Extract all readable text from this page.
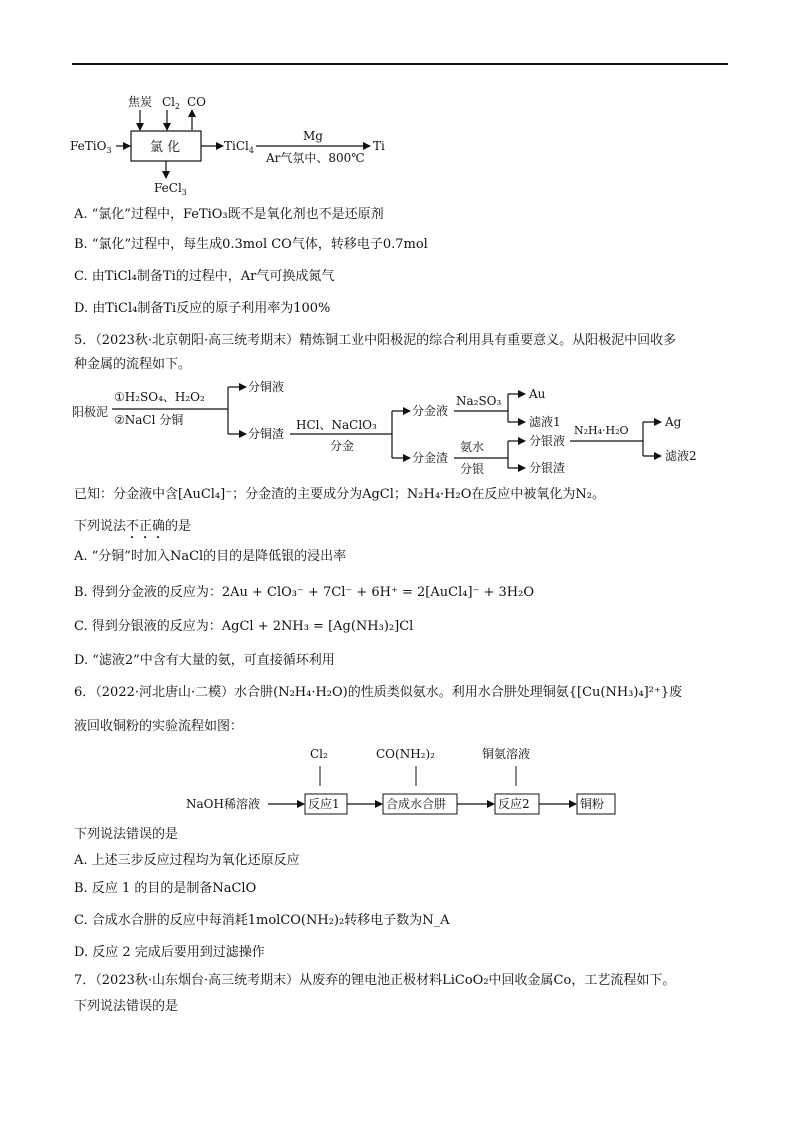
焦炭 $Cl_2$ CO
FeTiO$_3$	氯 化	TiCl$_4$
Mg
Ar气氛中、800℃
Ti
FeCl$_3$
A. “氯化”过程中，FeTiO₃既不是氧化剂也不是还原剂
B. “氯化”过程中，每生成0.3mol CO气体，转移电子0.7mol
C. 由TiCl₄制备Ti的过程中，Ar气可换成氮气
D. 由TiCl₄制备Ti反应的原子利用率为100%
5．（2023秋·北京朝阳·高三统考期末）精炼铜工业中阳极泥的综合利用具有重要意义。从阳极泥中回收多
种金属的流程如下。
阳极泥
①H₂SO₄、H₂O₂
②NaCl 分铜
分铜液
分铜渣
HCl、NaClO₃
分金
分金液
分金渣
Na₂SO₃ Au
滤液1
氨水
分银
分银液
分银渣
N₂H₄·H₂O
Ag
滤液2
已知：分金液中含[AuCl₄]⁻；分金渣的主要成分为AgCl；N₂H₄·H₂O在反应中被氧化为N₂。
下列说法不正确的是
A. “分铜”时加入NaCl的目的是降低银的浸出率
B. 得到分金液的反应为：2Au + ClO₃⁻ + 7Cl⁻ + 6H⁺ = 2[AuCl₄]⁻ + 3H₂O
C. 得到分银液的反应为：AgCl + 2NH₃ = [Ag(NH₃)₂]Cl
D. “滤液2”中含有大量的氨，可直接循环利用
6．（2022·河北唐山·二模）水合肼(N₂H₄·H₂O)的性质类似氨水。利用水合肼处理铜氨{[Cu(NH₃)₄]²⁺}废
液回收铜粉的实验流程如图：
Cl₂	CO(NH₂)₂	铜氨溶液
NaOH稀溶液	反应1	合成水合肼	反应2	铜粉
下列说法错误的是
A. 上述三步反应过程均为氧化还原反应
B. 反应 1 的目的是制备NaClO
C. 合成水合肼的反应中每消耗1molCO(NH₂)₂转移电子数为N_A
D. 反应 2 完成后要用到过滤操作
7．（2023秋·山东烟台·高三统考期末）从废弃的锂电池正极材料LiCoO₂中回收金属Co，工艺流程如下。
下列说法错误的是
